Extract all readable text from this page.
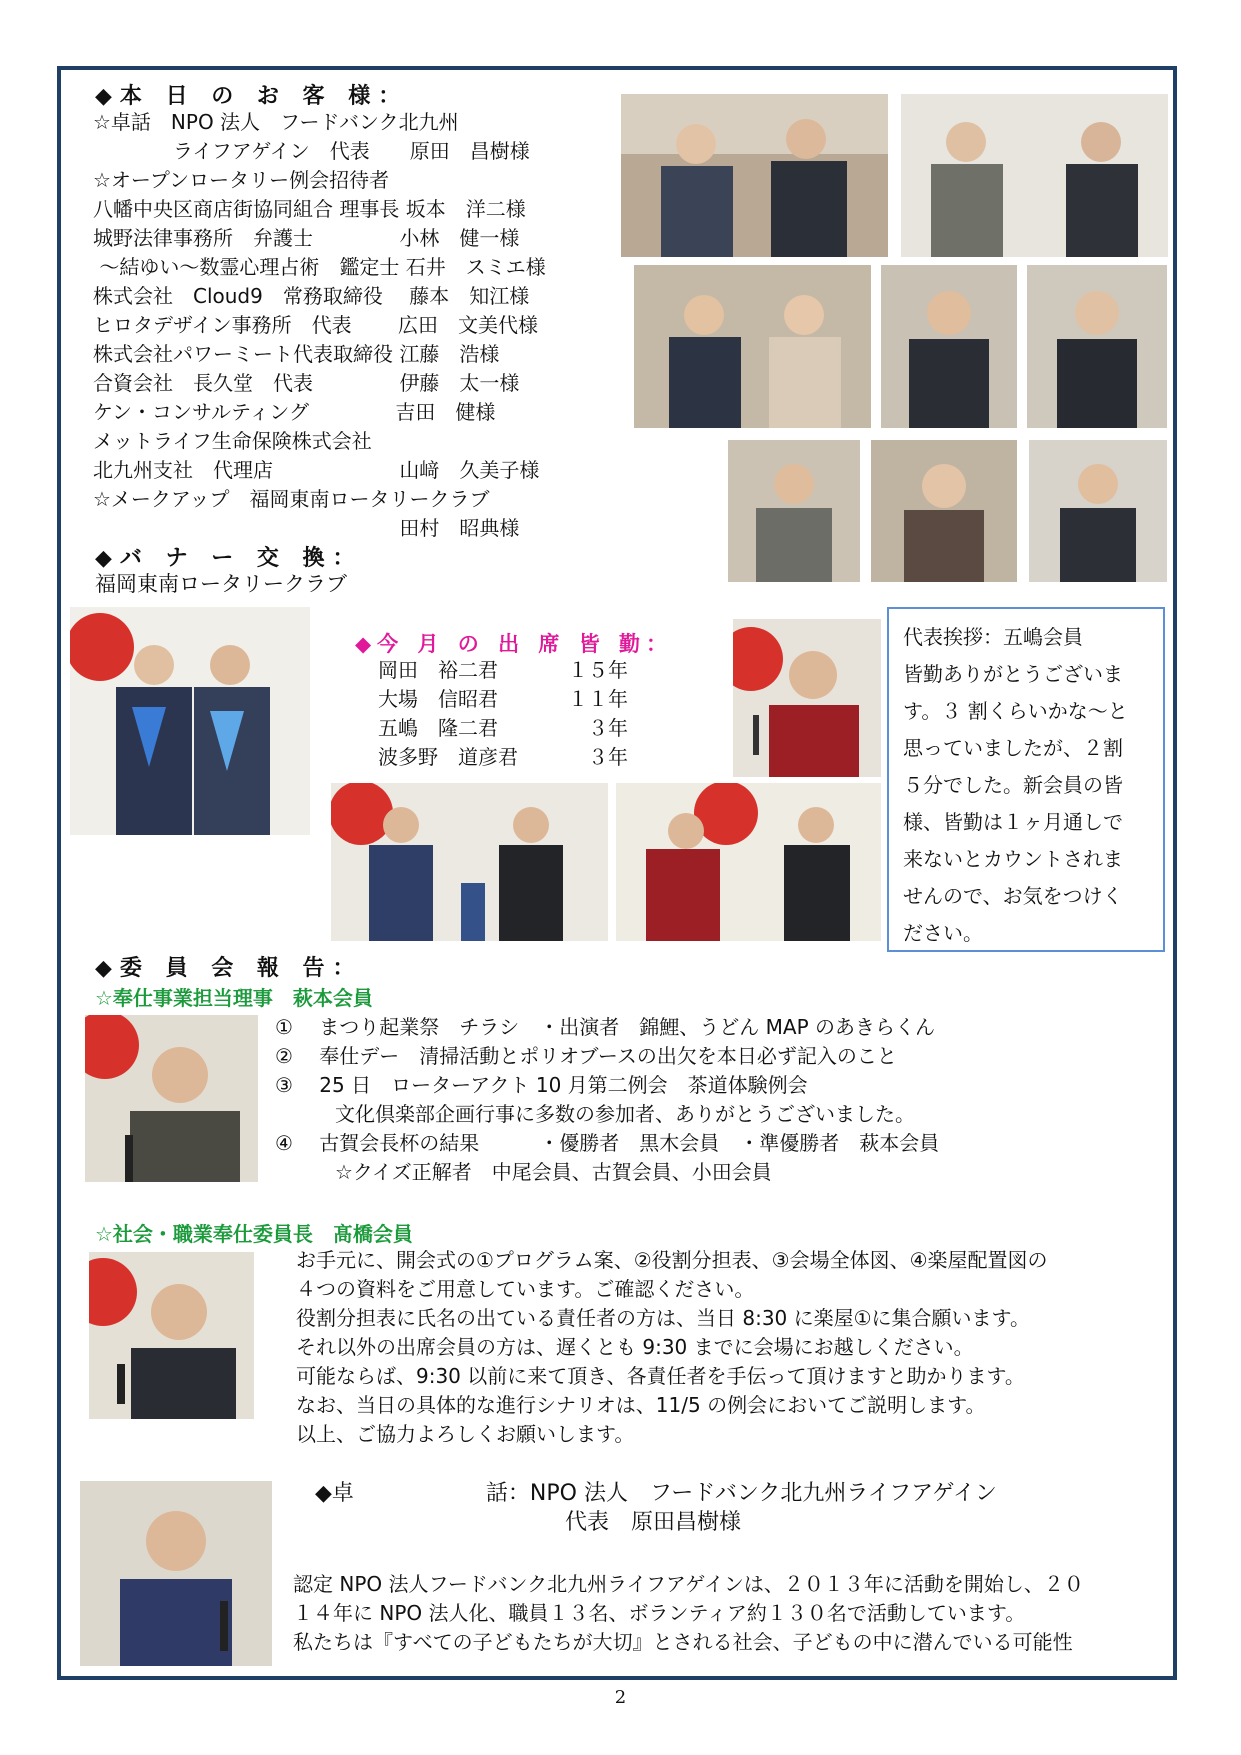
◆本 日 の お 客 様：
☆卓話　NPO 法人　フードバンク北九州
　　　　ライフアゲイン　代表　　原田　昌樹様
☆オープンロータリー例会招待者
八幡中央区商店街協同組合 理事長 坂本　洋二様
城野法律事務所　弁護士　　　　 小林　健一様
～結ゆい～数霊心理占術　鑑定士 石井　スミエ様
株式会社　Cloud9　常務取締役　 藤本　知江様
ヒロタデザイン事務所　代表　　 広田　文美代様
株式会社パワーミート代表取締役 江藤　浩様
合資会社　長久堂　代表　　　　 伊藤　太一様
ケン・コンサルティング　　　　 吉田　健様
メットライフ生命保険株式会社
北九州支社　代理店　　　　　　 山﨑　久美子様
☆メークアップ　福岡東南ロータリークラブ
　　　　　　　　　　　　　　　 田村　昭典様
◆バ ナ ー 交 換：
福岡東南ロータリークラブ
◆今 月 の 出 席 皆 勤：
岡田　裕二君	１５年
大場　信昭君	１１年
五嶋　隆二君	３年
波多野　道彦君	３年
代表挨拶：五嶋会員
皆勤ありがとうございま
す。３ 割くらいかな～と
思っていましたが、２割
５分でした。新会員の皆
様、皆勤は１ヶ月通しで
来ないとカウントされま
せんので、お気をつけく
ださい。
◆委 員 会 報 告：
☆奉仕事業担当理事　萩本会員
①　 まつり起業祭　チラシ　・出演者　錦鯉、うどん MAP のあきらくん
②　 奉仕デー　清掃活動とポリオブースの出欠を本日必ず記入のこと
③　 25 日　ローターアクト 10 月第二例会　茶道体験例会
　　　文化倶楽部企画行事に多数の参加者、ありがとうございました。
④　 古賀会長杯の結果　　　・優勝者　黒木会員　・準優勝者　萩本会員
　　　☆クイズ正解者　中尾会員、古賀会員、小田会員
☆社会・職業奉仕委員長　髙橋会員
お手元に、開会式の①プログラム案、②役割分担表、③会場全体図、④楽屋配置図の
４つの資料をご用意しています。ご確認ください。
役割分担表に氏名の出ている責任者の方は、当日 8:30 に楽屋①に集合願います。
それ以外の出席会員の方は、遅くとも 9:30 までに会場にお越しください。
可能ならば、9:30 以前に来て頂き、各責任者を手伝って頂けますと助かります。
なお、当日の具体的な進行シナリオは、11/5 の例会においてご説明します。
以上、ご協力よろしくお願いします。
◆卓　　　　　　話：NPO 法人　フードバンク北九州ライフアゲイン
代表　原田昌樹様
認定 NPO 法人フードバンク北九州ライフアゲインは、２０１３年に活動を開始し、２０
１４年に NPO 法人化、職員１３名、ボランティア約１３０名で活動しています。
私たちは『すべての子どもたちが大切』とされる社会、子どもの中に潜んでいる可能性
2
